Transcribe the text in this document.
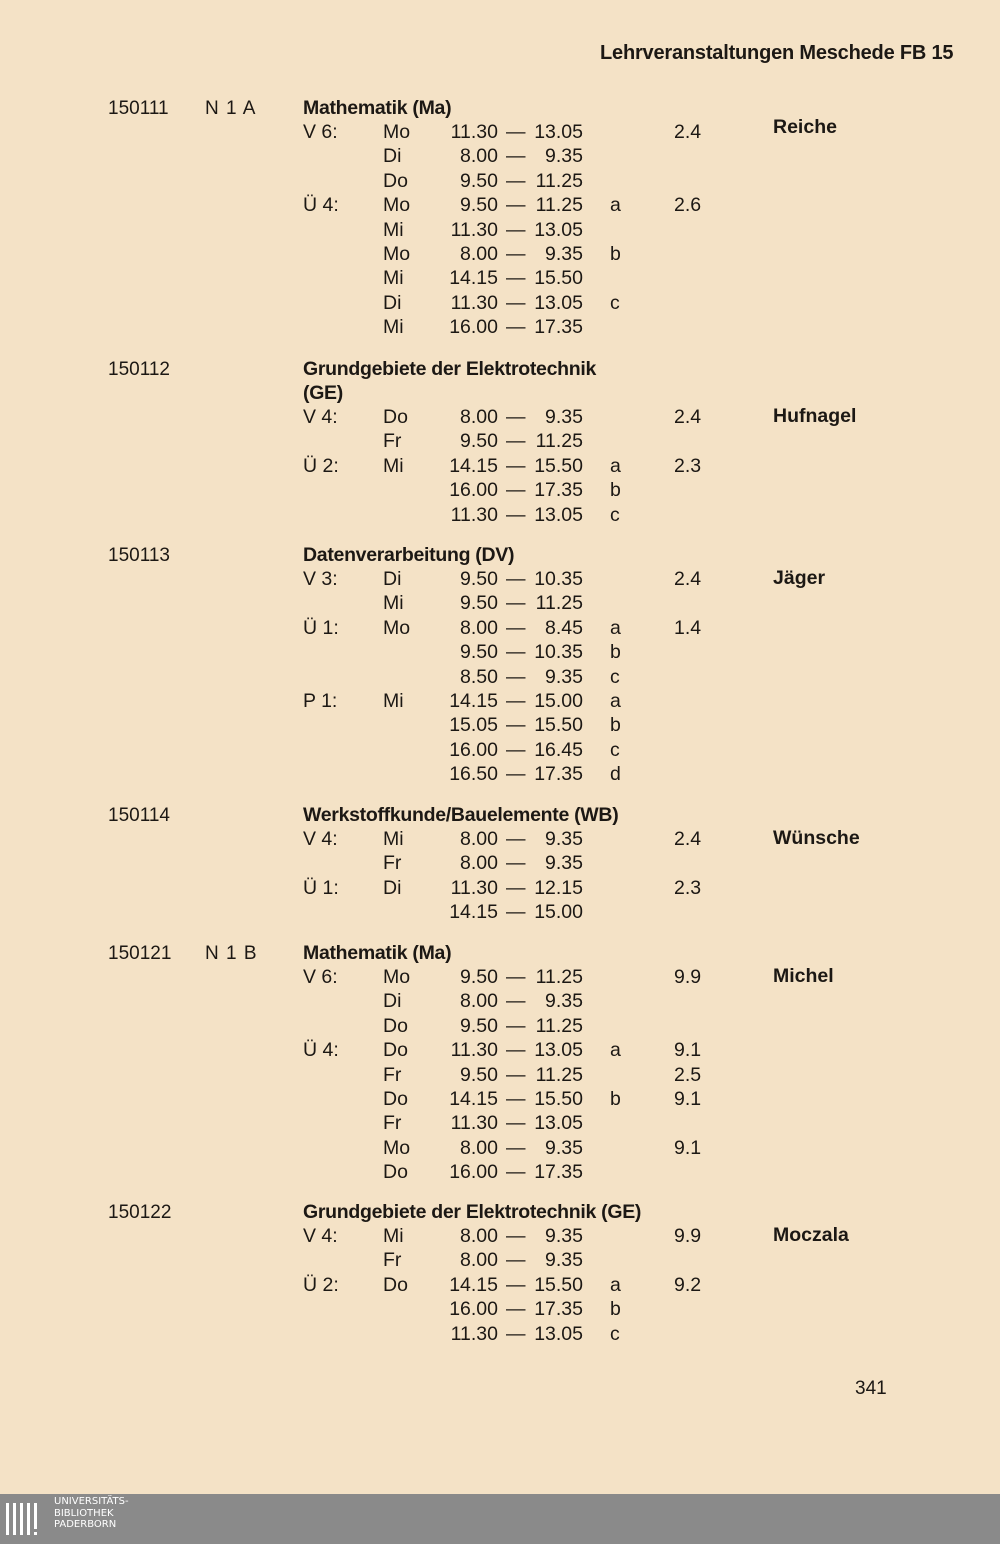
Lehrveranstaltungen Meschede FB 15
150111 N 1 A Mathematik (Ma)
Reiche
V 6: Mo	11.30 — 13.05	2.4
Di	8.00 —	9.35
Do	9.50 — 11.25
Ü 4: Mo	9.50 — 11.25 a	2.6
Mi	11.30 — 13.05
Mo	8.00 —	9.35 b
Mi	14.15 — 15.50
Di	11.30 — 13.05 c
Mi	16.00 — 17.35
150112	Grundgebiete der Elektrotechnik
(GE)
Hufnagel
V 4: Do	8.00 —	9.35	2.4
Fr	9.50 — 11.25
Ü 2: Mi	14.15 — 15.50 a	2.3
16.00 — 17.35 b
11.30 — 13.05 c
150113	Datenverarbeitung (DV)
Jäger
V 3: Di	9.50 — 10.35	2.4
Mi	9.50 — 11.25
Ü 1: Mo	8.00 —	8.45 a	1.4
9.50 — 10.35 b
8.50 —	9.35 c
P 1: Mi	14.15 — 15.00 a
15.05 — 15.50 b
16.00 — 16.45 c
16.50 — 17.35 d
150114	Werkstoffkunde/Bauelemente (WB)
Wünsche
V 4: Mi	8.00 —	9.35	2.4
Fr	8.00 —	9.35
Ü 1: Di	11.30 — 12.15	2.3
14.15 — 15.00
150121 N 1 B Mathematik (Ma)
Michel
V 6: Mo	9.50 — 11.25	9.9
Di	8.00 —	9.35
Do	9.50 — 11.25
Ü 4: Do	11.30 — 13.05 a	9.1
Fr	9.50 — 11.25	2.5
Do	14.15 — 15.50 b	9.1
Fr	11.30 — 13.05
Mo	8.00 —	9.35	9.1
Do	16.00 — 17.35
150122	Grundgebiete der Elektrotechnik (GE)
Moczala
V 4: Mi	8.00 —	9.35	9.9
Fr	8.00 —	9.35
Ü 2: Do	14.15 — 15.50 a	9.2
16.00 — 17.35 b
11.30 — 13.05 c
341
UNIVERSITÄTS-
BIBLIOTHEK
PADERBORN
